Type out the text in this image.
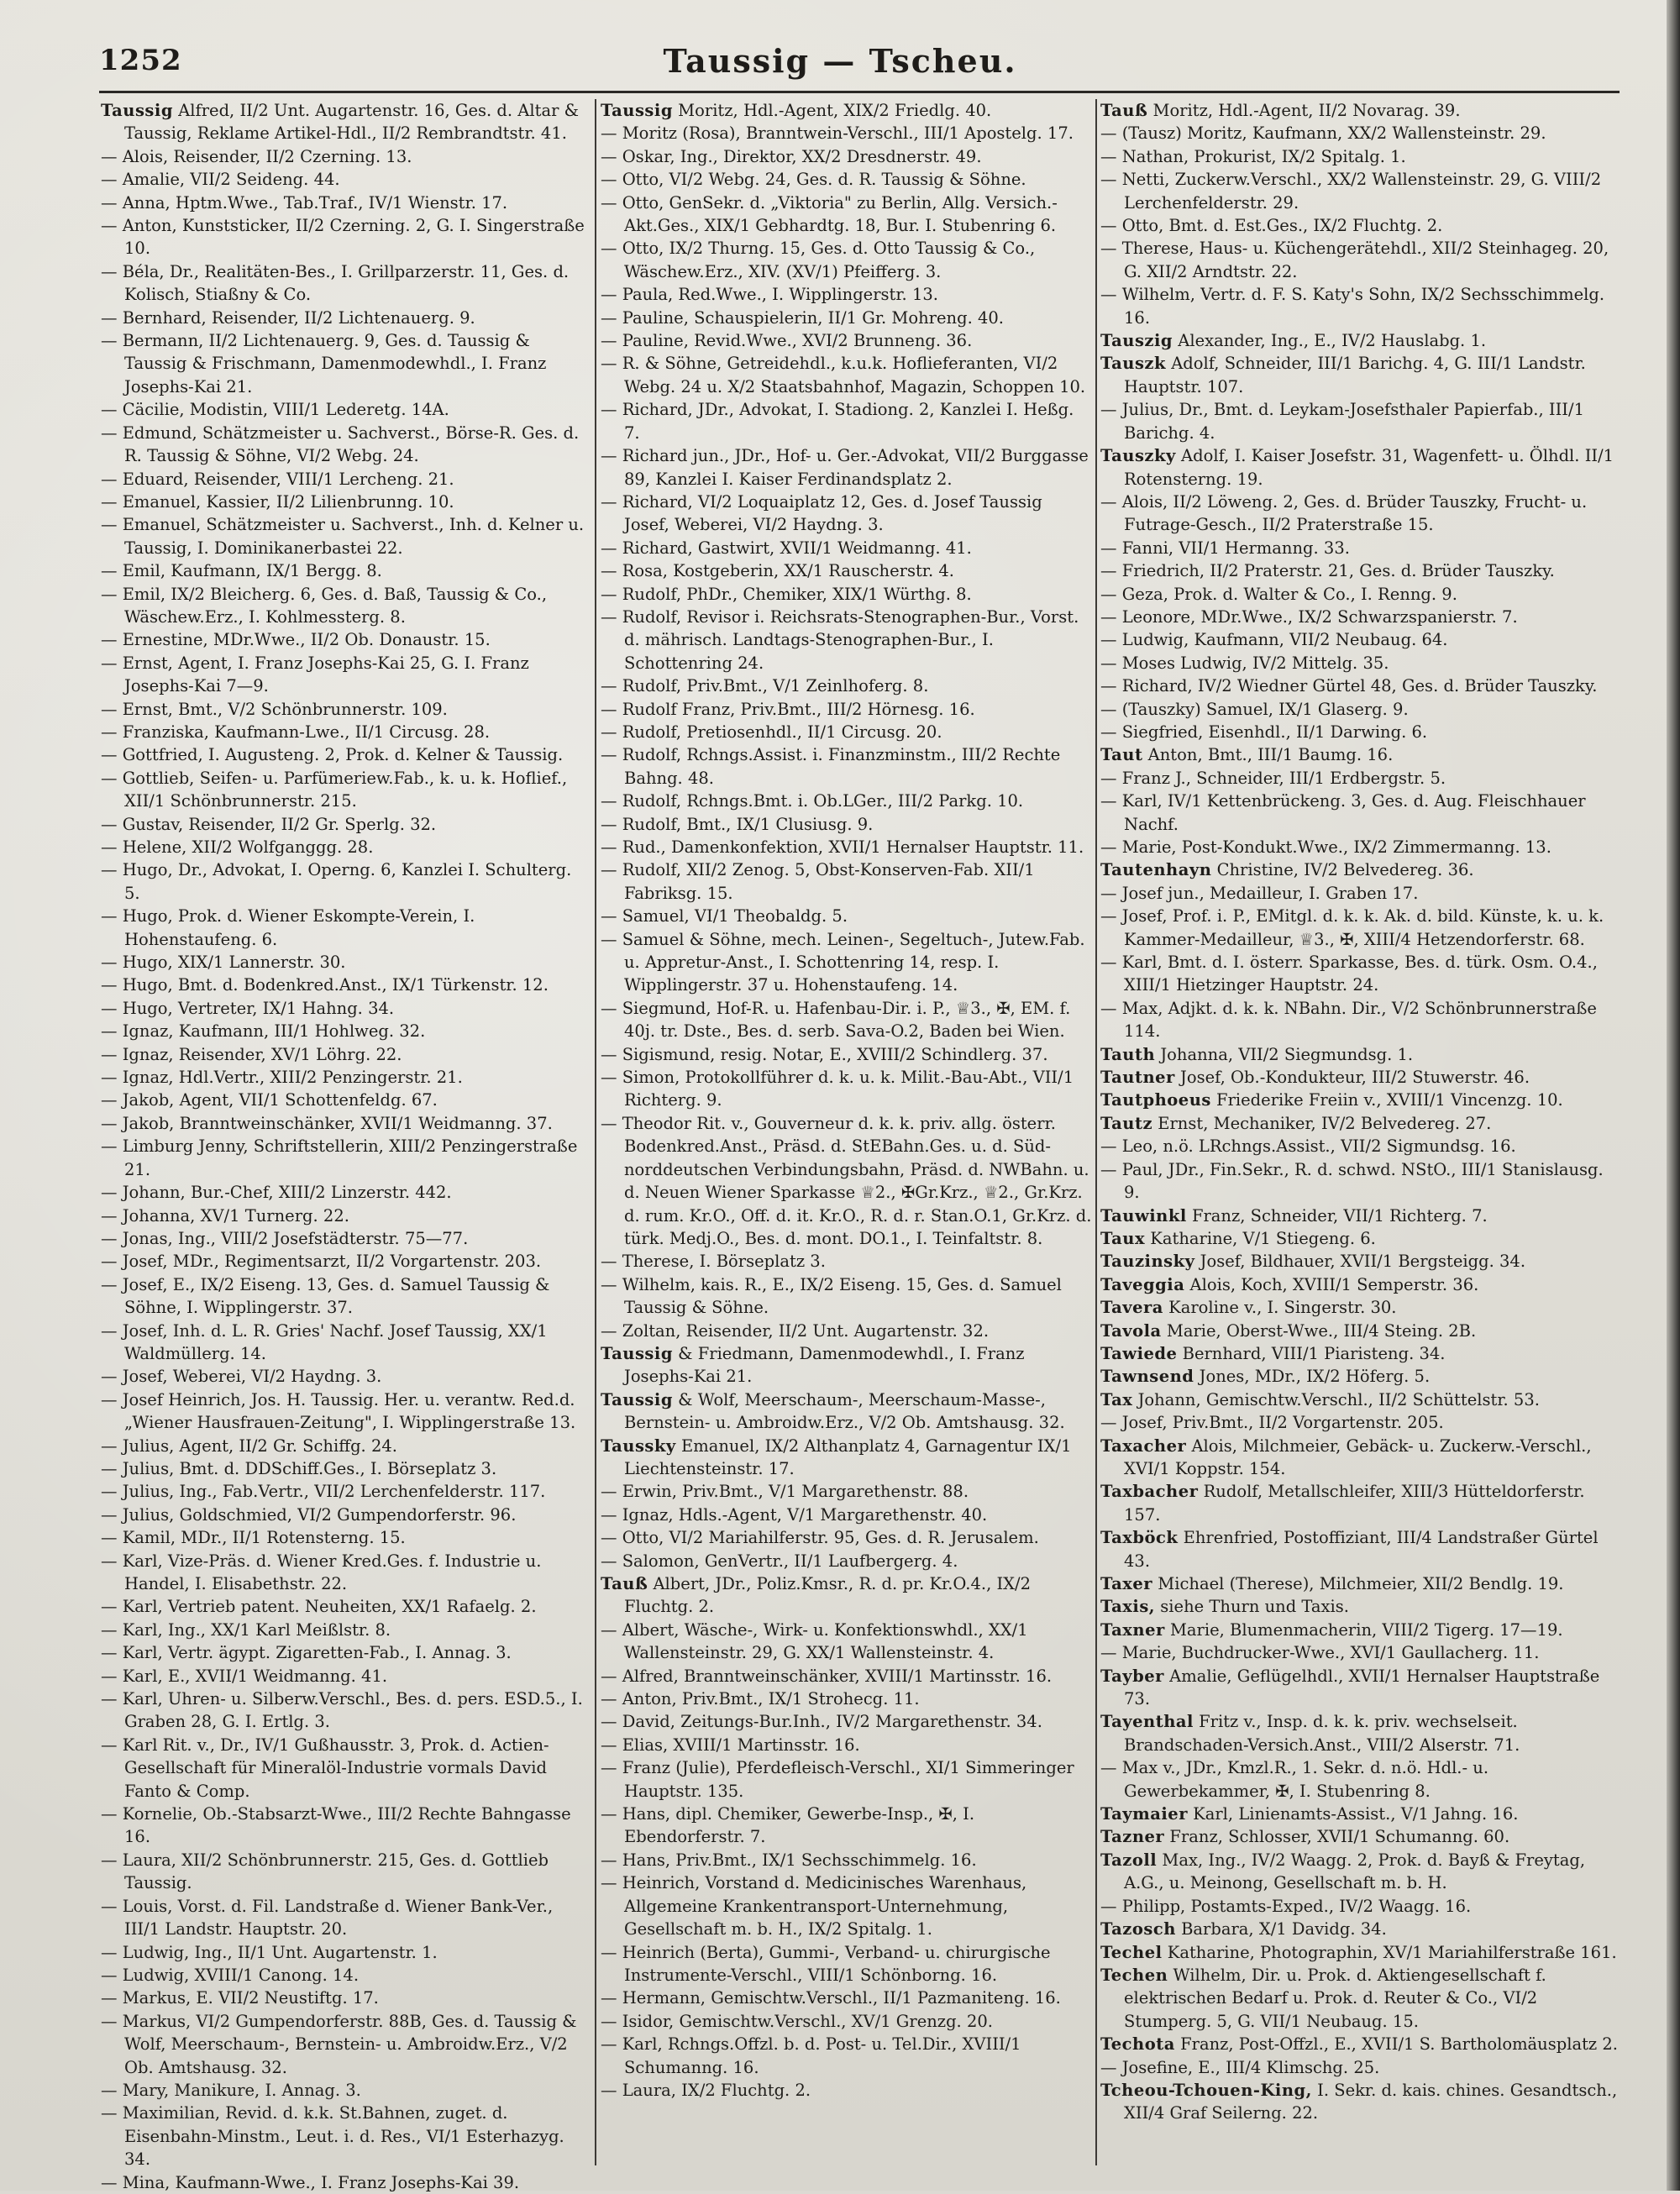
1252	Taussig — Tscheu.

Taussig Alfred, II/2 Unt. Augartenstr. 16, Ges. d. Altar & Taussig, Reklame Artikel-Hdl., II/2 Rembrandtstr. 41.

— Alois, Reisender, II/2 Czerning. 13.

— Amalie, VII/2 Seideng. 44.

— Anna, Hptm.Wwe., Tab.Traf., IV/1 Wienstr. 17.

— Anton, Kunststicker, II/2 Czerning. 2, G. I. Singerstraße 10.

— Béla, Dr., Realitäten-Bes., I. Grillparzerstr. 11, Ges. d. Kolisch, Stiaßny & Co.

— Bernhard, Reisender, II/2 Lichtenauerg. 9.

— Bermann, II/2 Lichtenauerg. 9, Ges. d. Taussig & Taussig & Frischmann, Damenmodewhdl., I. Franz Josephs-Kai 21.

— Cäcilie, Modistin, VIII/1 Lederetg. 14A.

— Edmund, Schätzmeister u. Sachverst., Börse-R. Ges. d. R. Taussig & Söhne, VI/2 Webg. 24.

— Eduard, Reisender, VIII/1 Lercheng. 21.

— Emanuel, Kassier, II/2 Lilienbrunng. 10.

— Emanuel, Schätzmeister u. Sachverst., Inh. d. Kelner u. Taussig, I. Dominikanerbastei 22.

— Emil, Kaufmann, IX/1 Bergg. 8.

— Emil, IX/2 Bleicherg. 6, Ges. d. Baß, Taussig & Co., Wäschew.Erz., I. Kohlmessterg. 8.

— Ernestine, MDr.Wwe., II/2 Ob. Donaustr. 15.

— Ernst, Agent, I. Franz Josephs-Kai 25, G. I. Franz Josephs-Kai 7—9.

— Ernst, Bmt., V/2 Schönbrunnerstr. 109.

— Franziska, Kaufmann-Lwe., II/1 Circusg. 28.

— Gottfried, I. Augusteng. 2, Prok. d. Kelner & Taussig.

— Gottlieb, Seifen- u. Parfümeriew.Fab., k. u. k. Hoflief., XII/1 Schönbrunnerstr. 215.

— Gustav, Reisender, II/2 Gr. Sperlg. 32.

— Helene, XII/2 Wolfganggg. 28.

— Hugo, Dr., Advokat, I. Operng. 6, Kanzlei I. Schulterg. 5.

— Hugo, Prok. d. Wiener Eskompte-Verein, I. Hohenstaufeng. 6.

— Hugo, XIX/1 Lannerstr. 30.

— Hugo, Bmt. d. Bodenkred.Anst., IX/1 Türkenstr. 12.

— Hugo, Vertreter, IX/1 Hahng. 34.

— Ignaz, Kaufmann, III/1 Hohlweg. 32.

— Ignaz, Reisender, XV/1 Löhrg. 22.

— Ignaz, Hdl.Vertr., XIII/2 Penzingerstr. 21.

— Jakob, Agent, VII/1 Schottenfeldg. 67.

— Jakob, Branntweinschänker, XVII/1 Weidmanng. 37.

— Limburg Jenny, Schriftstellerin, XIII/2 Penzingerstraße 21.

— Johann, Bur.-Chef, XIII/2 Linzerstr. 442.

— Johanna, XV/1 Turnerg. 22.

— Jonas, Ing., VIII/2 Josefstädterstr. 75—77.

— Josef, MDr., Regimentsarzt, II/2 Vorgartenstr. 203.

— Josef, E., IX/2 Eiseng. 13, Ges. d. Samuel Taussig & Söhne, I. Wipplingerstr. 37.

— Josef, Inh. d. L. R. Gries' Nachf. Josef Taussig, XX/1 Waldmüllerg. 14.

— Josef, Weberei, VI/2 Haydng. 3.

— Josef Heinrich, Jos. H. Taussig. Her. u. verantw. Red.d. „Wiener Hausfrauen-Zeitung", I. Wipplingerstraße 13.

— Julius, Agent, II/2 Gr. Schiffg. 24.

— Julius, Bmt. d. DDSchiff.Ges., I. Börseplatz 3.

— Julius, Ing., Fab.Vertr., VII/2 Lerchenfelderstr. 117.

— Julius, Goldschmied, VI/2 Gumpendorferstr. 96.

— Kamil, MDr., II/1 Rotensterng. 15.

— Karl, Vize-Präs. d. Wiener Kred.Ges. f. Industrie u. Handel, I. Elisabethstr. 22.

— Karl, Vertrieb patent. Neuheiten, XX/1 Rafaelg. 2.

— Karl, Ing., XX/1 Karl Meißlstr. 8.

— Karl, Vertr. ägypt. Zigaretten-Fab., I. Annag. 3.

— Karl, E., XVII/1 Weidmanng. 41.

— Karl, Uhren- u. Silberw.Verschl., Bes. d. pers. ESD.5., I. Graben 28, G. I. Ertlg. 3.

— Karl Rit. v., Dr., IV/1 Gußhausstr. 3, Prok. d. Actien-Gesellschaft für Mineralöl-Industrie vormals David Fanto & Comp.

— Kornelie, Ob.-Stabsarzt-Wwe., III/2 Rechte Bahngasse 16.

— Laura, XII/2 Schönbrunnerstr. 215, Ges. d. Gottlieb Taussig.

— Louis, Vorst. d. Fil. Landstraße d. Wiener Bank-Ver., III/1 Landstr. Hauptstr. 20.

— Ludwig, Ing., II/1 Unt. Augartenstr. 1.

— Ludwig, XVIII/1 Canong. 14.

— Markus, E. VII/2 Neustiftg. 17.

— Markus, VI/2 Gumpendorferstr. 88B, Ges. d. Taussig & Wolf, Meerschaum-, Bernstein- u. Ambroidw.Erz., V/2 Ob. Amtshausg. 32.

— Mary, Manikure, I. Annag. 3.

— Maximilian, Revid. d. k.k. St.Bahnen, zuget. d. Eisenbahn-Minstm., Leut. i. d. Res., VI/1 Esterhazyg. 34.

— Mina, Kaufmann-Wwe., I. Franz Josephs-Kai 39.

Taussig Moritz, Hdl.-Agent, XIX/2 Friedlg. 40.

— Moritz (Rosa), Branntwein-Verschl., III/1 Apostelg. 17.

— Oskar, Ing., Direktor, XX/2 Dresdnerstr. 49.

— Otto, VI/2 Webg. 24, Ges. d. R. Taussig & Söhne.

— Otto, GenSekr. d. „Viktoria" zu Berlin, Allg. Versich.-Akt.Ges., XIX/1 Gebhardtg. 18, Bur. I. Stubenring 6.

— Otto, IX/2 Thurng. 15, Ges. d. Otto Taussig & Co., Wäschew.Erz., XIV. (XV/1) Pfeifferg. 3.

— Paula, Red.Wwe., I. Wipplingerstr. 13.

— Pauline, Schauspielerin, II/1 Gr. Mohreng. 40.

— Pauline, Revid.Wwe., XVI/2 Brunneng. 36.

— R. & Söhne, Getreidehdl., k.u.k. Hoflieferanten, VI/2 Webg. 24 u. X/2 Staatsbahnhof, Magazin, Schoppen 10.

— Richard, JDr., Advokat, I. Stadiong. 2, Kanzlei I. Heßg. 7.

— Richard jun., JDr., Hof- u. Ger.-Advokat, VII/2 Burggasse 89, Kanzlei I. Kaiser Ferdinandsplatz 2.

— Richard, VI/2 Loquaiplatz 12, Ges. d. Josef Taussig Josef, Weberei, VI/2 Haydng. 3.

— Richard, Gastwirt, XVII/1 Weidmanng. 41.

— Rosa, Kostgeberin, XX/1 Rauscherstr. 4.

— Rudolf, PhDr., Chemiker, XIX/1 Würthg. 8.

— Rudolf, Revisor i. Reichsrats-Stenographen-Bur., Vorst. d. mährisch. Landtags-Stenographen-Bur., I. Schottenring 24.

— Rudolf, Priv.Bmt., V/1 Zeinlhoferg. 8.

— Rudolf Franz, Priv.Bmt., III/2 Hörnesg. 16.

— Rudolf, Pretiosenhdl., II/1 Circusg. 20.

— Rudolf, Rchngs.Assist. i. Finanzminstm., III/2 Rechte Bahng. 48.

— Rudolf, Rchngs.Bmt. i. Ob.LGer., III/2 Parkg. 10.

— Rudolf, Bmt., IX/1 Clusiusg. 9.

— Rud., Damenkonfektion, XVII/1 Hernalser Hauptstr. 11.

— Rudolf, XII/2 Zenog. 5, Obst-Konserven-Fab. XII/1 Fabriksg. 15.

— Samuel, VI/1 Theobaldg. 5.

— Samuel & Söhne, mech. Leinen-, Segeltuch-, Jutew.Fab. u. Appretur-Anst., I. Schottenring 14, resp. I. Wipplingerstr. 37 u. Hohenstaufeng. 14.

— Siegmund, Hof-R. u. Hafenbau-Dir. i. P., ♕3., ✠, EM. f. 40j. tr. Dste., Bes. d. serb. Sava-O.2, Baden bei Wien.

— Sigismund, resig. Notar, E., XVIII/2 Schindlerg. 37.

— Simon, Protokollführer d. k. u. k. Milit.-Bau-Abt., VII/1 Richterg. 9.

— Theodor Rit. v., Gouverneur d. k. k. priv. allg. österr. Bodenkred.Anst., Präsd. d. StEBahn.Ges. u. d. Süd-norddeutschen Verbindungsbahn, Präsd. d. NWBahn. u. d. Neuen Wiener Sparkasse ♕2., ✠Gr.Krz., ♕2., Gr.Krz. d. rum. Kr.O., Off. d. it. Kr.O., R. d. r. Stan.O.1, Gr.Krz. d. türk. Medj.O., Bes. d. mont. DO.1., I. Teinfaltstr. 8.

— Therese, I. Börseplatz 3.

— Wilhelm, kais. R., E., IX/2 Eiseng. 15, Ges. d. Samuel Taussig & Söhne.

— Zoltan, Reisender, II/2 Unt. Augartenstr. 32.

Taussig & Friedmann, Damenmodewhdl., I. Franz Josephs-Kai 21.

Taussig & Wolf, Meerschaum-, Meerschaum-Masse-, Bernstein- u. Ambroidw.Erz., V/2 Ob. Amtshausg. 32.

Taussky Emanuel, IX/2 Althanplatz 4, Garnagentur IX/1 Liechtensteinstr. 17.

— Erwin, Priv.Bmt., V/1 Margarethenstr. 88.

— Ignaz, Hdls.-Agent, V/1 Margarethenstr. 40.

— Otto, VI/2 Mariahilferstr. 95, Ges. d. R. Jerusalem.

— Salomon, GenVertr., II/1 Laufbergerg. 4.

Tauß Albert, JDr., Poliz.Kmsr., R. d. pr. Kr.O.4., IX/2 Fluchtg. 2.

— Albert, Wäsche-, Wirk- u. Konfektionswhdl., XX/1 Wallensteinstr. 29, G. XX/1 Wallensteinstr. 4.

— Alfred, Branntweinschänker, XVIII/1 Martinsstr. 16.

— Anton, Priv.Bmt., IX/1 Strohecg. 11.

— David, Zeitungs-Bur.Inh., IV/2 Margarethenstr. 34.

— Elias, XVIII/1 Martinsstr. 16.

— Franz (Julie), Pferdefleisch-Verschl., XI/1 Simmeringer Hauptstr. 135.

— Hans, dipl. Chemiker, Gewerbe-Insp., ✠, I. Ebendorferstr. 7.

— Hans, Priv.Bmt., IX/1 Sechsschimmelg. 16.

— Heinrich, Vorstand d. Medicinisches Warenhaus, Allgemeine Krankentransport-Unternehmung, Gesellschaft m. b. H., IX/2 Spitalg. 1.

— Heinrich (Berta), Gummi-, Verband- u. chirurgische Instrumente-Verschl., VIII/1 Schönborng. 16.

— Hermann, Gemischtw.Verschl., II/1 Pazmaniteng. 16.

— Isidor, Gemischtw.Verschl., XV/1 Grenzg. 20.

— Karl, Rchngs.Offzl. b. d. Post- u. Tel.Dir., XVIII/1 Schumanng. 16.

— Laura, IX/2 Fluchtg. 2.

Tauß Moritz, Hdl.-Agent, II/2 Novarag. 39.

— (Tausz) Moritz, Kaufmann, XX/2 Wallensteinstr. 29.

— Nathan, Prokurist, IX/2 Spitalg. 1.

— Netti, Zuckerw.Verschl., XX/2 Wallensteinstr. 29, G. VIII/2 Lerchenfelderstr. 29.

— Otto, Bmt. d. Est.Ges., IX/2 Fluchtg. 2.

— Therese, Haus- u. Küchengerätehdl., XII/2 Steinhageg. 20, G. XII/2 Arndtstr. 22.

— Wilhelm, Vertr. d. F. S. Katy's Sohn, IX/2 Sechsschimmelg. 16.

Tauszig Alexander, Ing., E., IV/2 Hauslabg. 1.

Tauszk Adolf, Schneider, III/1 Barichg. 4, G. III/1 Landstr. Hauptstr. 107.

— Julius, Dr., Bmt. d. Leykam-Josefsthaler Papierfab., III/1 Barichg. 4.

Tauszky Adolf, I. Kaiser Josefstr. 31, Wagenfett- u. Ölhdl. II/1 Rotensterng. 19.

— Alois, II/2 Löweng. 2, Ges. d. Brüder Tauszky, Frucht- u. Futrage-Gesch., II/2 Praterstraße 15.

— Fanni, VII/1 Hermanng. 33.

— Friedrich, II/2 Praterstr. 21, Ges. d. Brüder Tauszky.

— Geza, Prok. d. Walter & Co., I. Renng. 9.

— Leonore, MDr.Wwe., IX/2 Schwarzspanierstr. 7.

— Ludwig, Kaufmann, VII/2 Neubaug. 64.

— Moses Ludwig, IV/2 Mittelg. 35.

— Richard, IV/2 Wiedner Gürtel 48, Ges. d. Brüder Tauszky.

— (Tauszky) Samuel, IX/1 Glaserg. 9.

— Siegfried, Eisenhdl., II/1 Darwing. 6.

Taut Anton, Bmt., III/1 Baumg. 16.

— Franz J., Schneider, III/1 Erdbergstr. 5.

— Karl, IV/1 Kettenbrückeng. 3, Ges. d. Aug. Fleischhauer Nachf.

— Marie, Post-Kondukt.Wwe., IX/2 Zimmermanng. 13.

Tautenhayn Christine, IV/2 Belvedereg. 36.

— Josef jun., Medailleur, I. Graben 17.

— Josef, Prof. i. P., EMitgl. d. k. k. Ak. d. bild. Künste, k. u. k. Kammer-Medailleur, ♕3., ✠, XIII/4 Hetzendorferstr. 68.

— Karl, Bmt. d. I. österr. Sparkasse, Bes. d. türk. Osm. O.4., XIII/1 Hietzinger Hauptstr. 24.

— Max, Adjkt. d. k. k. NBahn. Dir., V/2 Schönbrunnerstraße 114.

Tauth Johanna, VII/2 Siegmundsg. 1.

Tautner Josef, Ob.-Kondukteur, III/2 Stuwerstr. 46.

Tautphoeus Friederike Freiin v., XVIII/1 Vincenzg. 10.

Tautz Ernst, Mechaniker, IV/2 Belvedereg. 27.

— Leo, n.ö. LRchngs.Assist., VII/2 Sigmundsg. 16.

— Paul, JDr., Fin.Sekr., R. d. schwd. NStO., III/1 Stanislausg. 9.

Tauwinkl Franz, Schneider, VII/1 Richterg. 7.

Taux Katharine, V/1 Stiegeng. 6.

Tauzinsky Josef, Bildhauer, XVII/1 Bergsteigg. 34.

Taveggia Alois, Koch, XVIII/1 Semperstr. 36.

Tavera Karoline v., I. Singerstr. 30.

Tavola Marie, Oberst-Wwe., III/4 Steing. 2B.

Tawiede Bernhard, VIII/1 Piaristeng. 34.

Tawnsend Jones, MDr., IX/2 Höferg. 5.

Tax Johann, Gemischtw.Verschl., II/2 Schüttelstr. 53.

— Josef, Priv.Bmt., II/2 Vorgartenstr. 205.

Taxacher Alois, Milchmeier, Gebäck- u. Zuckerw.-Verschl., XVI/1 Koppstr. 154.

Taxbacher Rudolf, Metallschleifer, XIII/3 Hütteldorferstr. 157.

Taxböck Ehrenfried, Postoffiziant, III/4 Landstraßer Gürtel 43.

Taxer Michael (Therese), Milchmeier, XII/2 Bendlg. 19.

Taxis, siehe Thurn und Taxis.

Taxner Marie, Blumenmacherin, VIII/2 Tigerg. 17—19.

— Marie, Buchdrucker-Wwe., XVI/1 Gaullacherg. 11.

Tayber Amalie, Geflügelhdl., XVII/1 Hernalser Hauptstraße 73.

Tayenthal Fritz v., Insp. d. k. k. priv. wechselseit. Brandschaden-Versich.Anst., VIII/2 Alserstr. 71.

— Max v., JDr., Kmzl.R., 1. Sekr. d. n.ö. Hdl.- u. Gewerbekammer, ✠, I. Stubenring 8.

Taymaier Karl, Linienamts-Assist., V/1 Jahng. 16.

Tazner Franz, Schlosser, XVII/1 Schumanng. 60.

Tazoll Max, Ing., IV/2 Waagg. 2, Prok. d. Bayß & Freytag, A.G., u. Meinong, Gesellschaft m. b. H.

— Philipp, Postamts-Exped., IV/2 Waagg. 16.

Tazosch Barbara, X/1 Davidg. 34.

Techel Katharine, Photographin, XV/1 Mariahilferstraße 161.

Techen Wilhelm, Dir. u. Prok. d. Aktiengesellschaft f. elektrischen Bedarf u. Prok. d. Reuter & Co., VI/2 Stumperg. 5, G. VII/1 Neubaug. 15.

Techota Franz, Post-Offzl., E., XVII/1 S. Bartholomäusplatz 2.

— Josefine, E., III/4 Klimschg. 25.

Tcheou-Tchouen-King, I. Sekr. d. kais. chines. Gesandtsch., XII/4 Graf Seilerng. 22.
